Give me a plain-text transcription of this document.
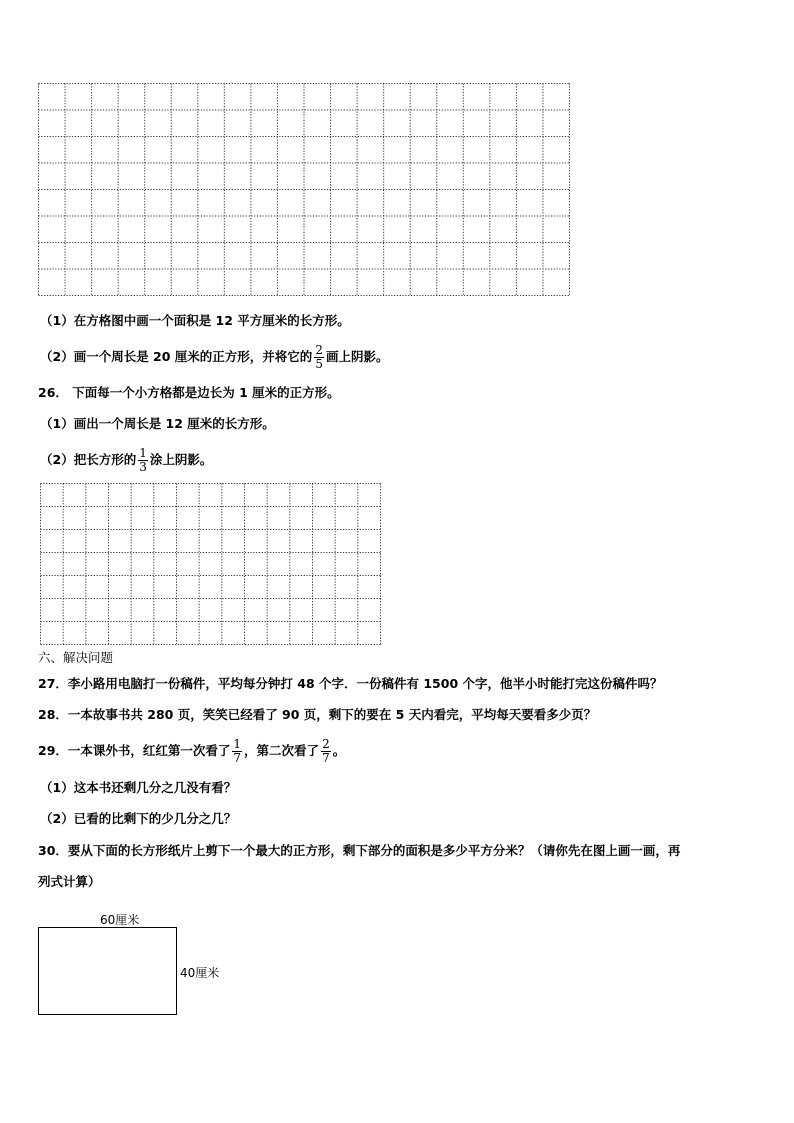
（1）在方格图中画一个面积是 12 平方厘米的长方形。
（2）画一个周长是 20 厘米的正方形，并将它的 $\frac{2}{5}$ 画上阴影。
26． 下面每一个小方格都是边长为 1 厘米的正方形。
（1）画出一个周长是 12 厘米的长方形。
（2）把长方形的 $\frac{1}{3}$ 涂上阴影。
六、解决问题
27．李小路用电脑打一份稿件，平均每分钟打 48 个字．一份稿件有 1500 个字，他半小时能打完这份稿件吗？
28．一本故事书共 280 页，笑笑已经看了 90 页，剩下的要在 5 天内看完，平均每天要看多少页？
29．一本课外书，红红第一次看了 $\frac{1}{7}$ ，第二次看了 $\frac{2}{7}$ 。
（1）这本书还剩几分之几没有看？
（2）已看的比剩下的少几分之几？
30．要从下面的长方形纸片上剪下一个最大的正方形，剩下部分的面积是多少平方分米？（请你先在图上画一画，再
列式计算）
60厘米
40厘米
